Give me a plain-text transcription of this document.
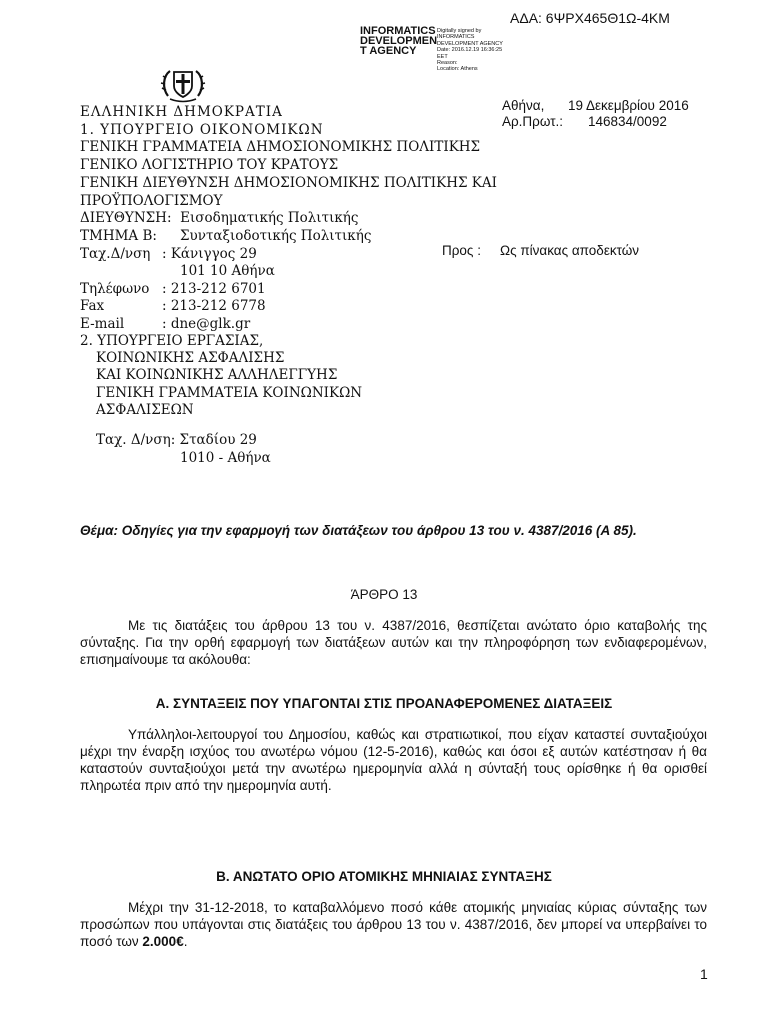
ΑΔΑ: 6ΨΡΧ465Θ1Ω-4ΚΜ
INFORMATICS
DEVELOPMEN
T AGENCY
Digitally signed by
INFORMATICS
DEVELOPMENT AGENCY
Date: 2016.12.19 16:36:25
EET
Reason:
Location: Athens
ΕΛΛΗΝΙΚΗ ΔΗΜΟΚΡΑΤΙΑ
1. ΥΠΟΥΡΓΕΙΟ ΟΙΚΟΝΟΜΙΚΩΝ
ΓΕΝΙΚΗ ΓΡΑΜΜΑΤΕΙΑ ΔΗΜΟΣΙΟΝΟΜΙΚΗΣ ΠΟΛΙΤΙΚΗΣ
ΓΕΝΙΚΟ ΛΟΓΙΣΤΗΡΙΟ ΤΟΥ ΚΡΑΤΟΥΣ
ΓΕΝΙΚΗ ΔΙΕΥΘΥΝΣΗ ΔΗΜΟΣΙΟΝΟΜΙΚΗΣ ΠΟΛΙΤΙΚΗΣ ΚΑΙ
ΠΡΟΫΠΟΛΟΓΙΣΜΟΥ
ΔΙΕΥΘΥΝΣΗ: Εισοδηματικής Πολιτικής
ΤΜΗΜΑ Β: Συνταξιοδοτικής Πολιτικής
Ταχ.Δ/νση : Κάνιγγος 29
101 10 Αθήνα
Τηλέφωνο : 213-212 6701
Fax	: 213-212 6778
E-mail	: dne@glk.gr
2. ΥΠΟΥΡΓΕΙΟ ΕΡΓΑΣΙΑΣ,
ΚΟΙΝΩΝΙΚΗΣ ΑΣΦΑΛΙΣΗΣ
ΚΑΙ ΚΟΙΝΩΝΙΚΗΣ ΑΛΛΗΛΕΓΓΥΗΣ
ΓΕΝΙΚΗ ΓΡΑΜΜΑΤΕΙΑ ΚΟΙΝΩΝΙΚΩΝ
ΑΣΦΑΛΙΣΕΩΝ
Ταχ. Δ/νση: Σταδίου 29
1010 - Αθήνα
Αθήνα,	19 Δεκεμβρίου 2016
Αρ.Πρωτ.:	146834/0092
Προς : Ως πίνακας αποδεκτών
Θέμα: Οδηγίες για την εφαρμογή των διατάξεων του άρθρου 13 του ν. 4387/2016 (Α 85).
ΆΡΘΡΟ 13
Με τις διατάξεις του άρθρου 13 του ν. 4387/2016, θεσπίζεται ανώτατο όριο καταβολής της σύνταξης. Για την ορθή εφαρμογή των διατάξεων αυτών και την πληροφόρηση των ενδιαφερομένων, επισημαίνουμε τα ακόλουθα:
Α. ΣΥΝΤΑΞΕΙΣ ΠΟΥ ΥΠΑΓΟΝΤΑΙ ΣΤΙΣ ΠΡΟΑΝΑΦΕΡΟΜΕΝΕΣ ΔΙΑΤΑΞΕΙΣ
Υπάλληλοι-λειτουργοί του Δημοσίου, καθώς και στρατιωτικοί, που είχαν καταστεί συνταξιούχοι μέχρι την έναρξη ισχύος του ανωτέρω νόμου (12-5-2016), καθώς και όσοι εξ αυτών κατέστησαν ή θα καταστούν συνταξιούχοι μετά την ανωτέρω ημερομηνία αλλά η σύνταξή τους ορίσθηκε ή θα ορισθεί πληρωτέα πριν από την ημερομηνία αυτή.
Β. ΑΝΩΤΑΤΟ ΟΡΙΟ ΑΤΟΜΙΚΗΣ ΜΗΝΙΑΙΑΣ ΣΥΝΤΑΞΗΣ
Μέχρι την 31-12-2018, το καταβαλλόμενο ποσό κάθε ατομικής μηνιαίας κύριας σύνταξης των προσώπων που υπάγονται στις διατάξεις του άρθρου 13 του ν. 4387/2016, δεν μπορεί να υπερβαίνει το ποσό των 2.000€.
1
